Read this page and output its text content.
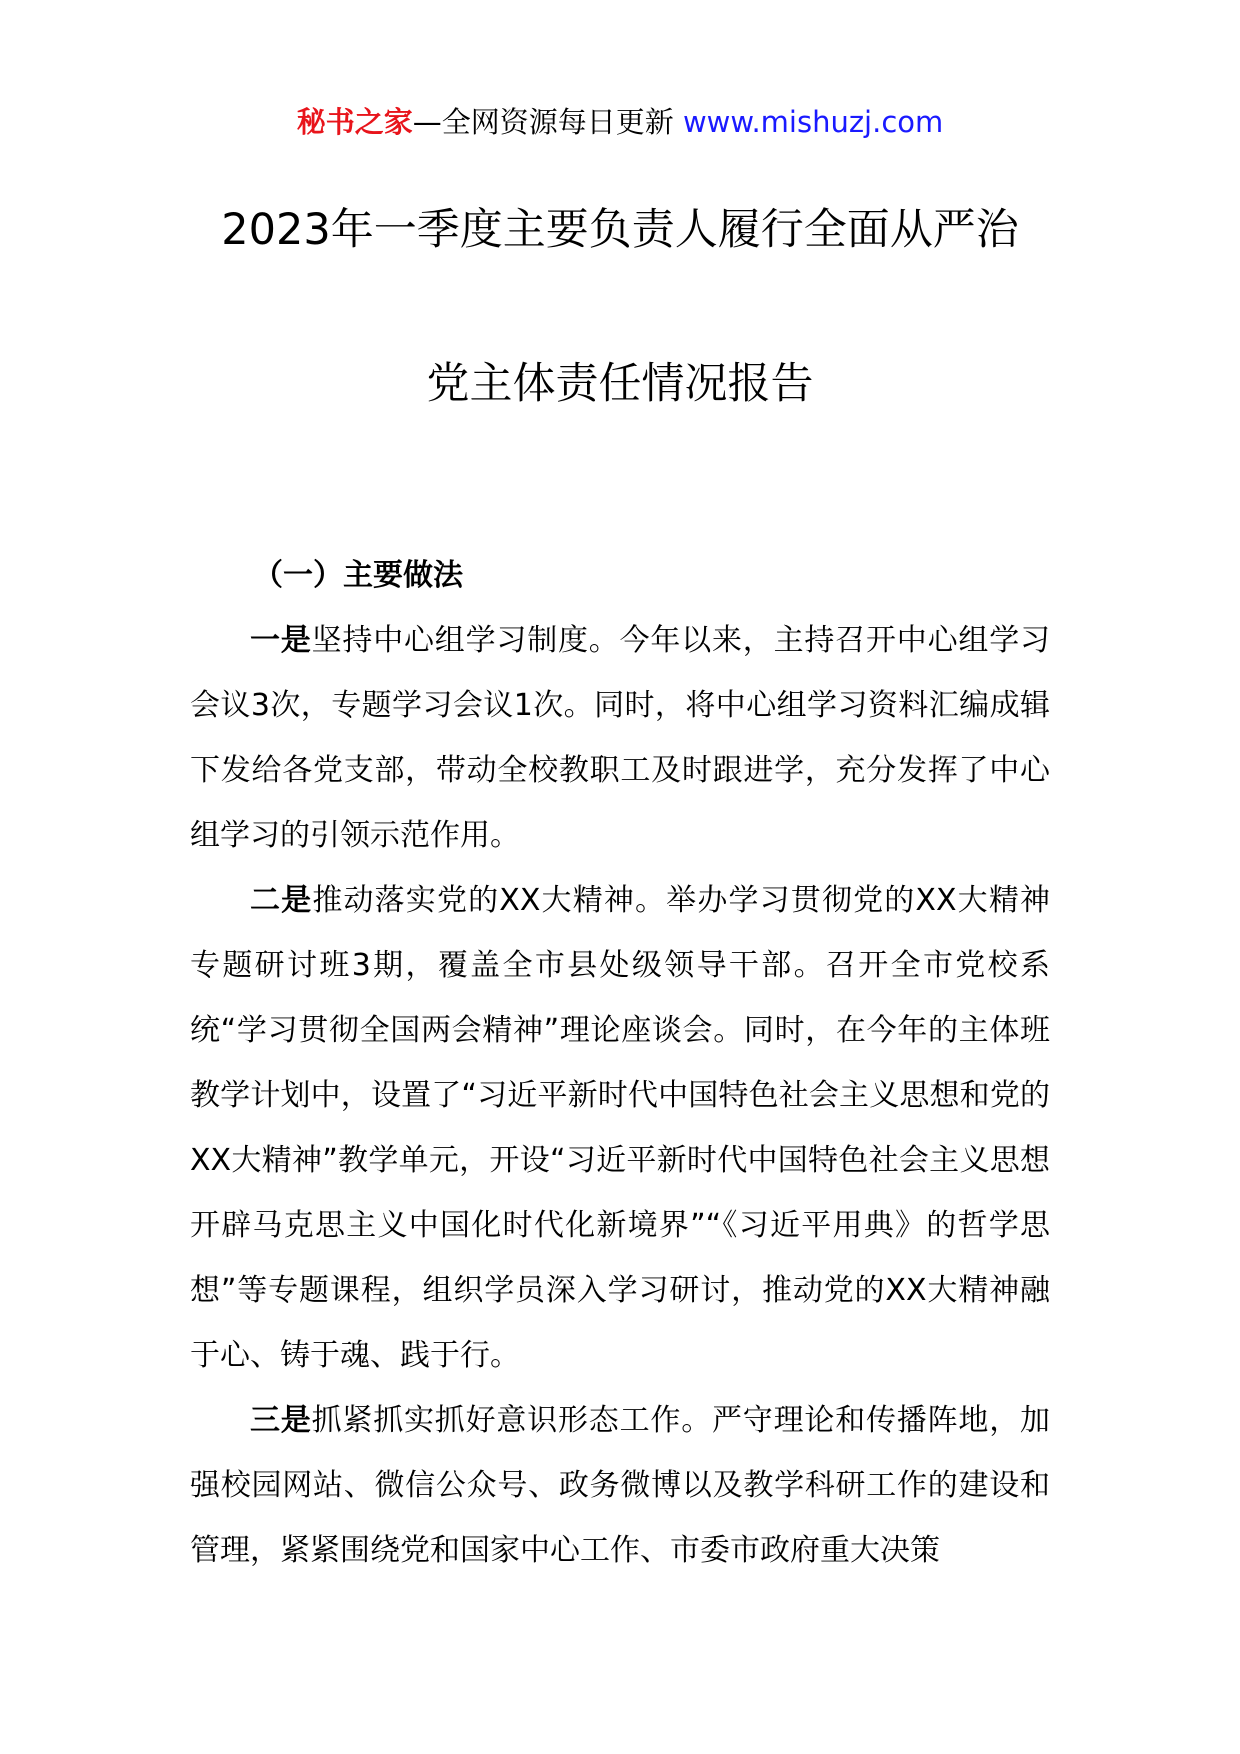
秘书之家—全网资源每日更新 www.mishuzj.com
2023年一季度主要负责人履行全面从严治
党主体责任情况报告

（一）主要做法

一是坚持中心组学习制度。今年以来，主持召开中心组学习会议3次，专题学习会议1次。同时，将中心组学习资料汇编成辑下发给各党支部，带动全校教职工及时跟进学，充分发挥了中心组学习的引领示范作用。

二是推动落实党的XX大精神。举办学习贯彻党的XX大精神专题研讨班3期，覆盖全市县处级领导干部。召开全市党校系统“学习贯彻全国两会精神”理论座谈会。同时，在今年的主体班教学计划中，设置了“习近平新时代中国特色社会主义思想和党的XX大精神”教学单元，开设“习近平新时代中国特色社会主义思想开辟马克思主义中国化时代化新境界”“《习近平用典》的哲学思想”等专题课程，组织学员深入学习研讨，推动党的XX大精神融于心、铸于魂、践于行。

三是抓紧抓实抓好意识形态工作。严守理论和传播阵地，加强校园网站、微信公众号、政务微博以及教学科研工作的建设和管理，紧紧围绕党和国家中心工作、市委市政府重大决策
